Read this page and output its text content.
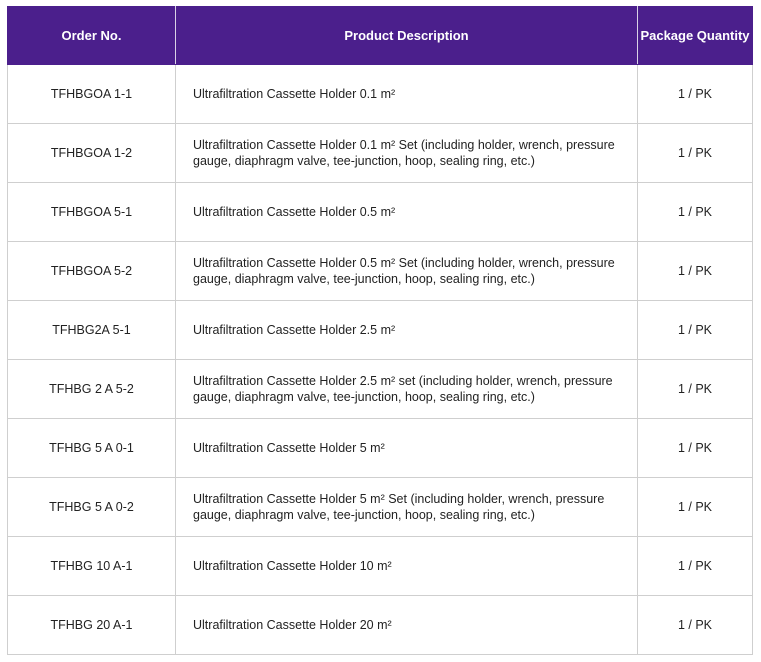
Order No.	Product Description	Package Quantity
TFHBGOA 1-1	Ultrafiltration Cassette Holder 0.1 m²	1 / PK
TFHBGOA 1-2	Ultrafiltration Cassette Holder 0.1 m² Set (including holder, wrench, pressure gauge, diaphragm valve, tee-junction, hoop, sealing ring, etc.)	1 / PK
TFHBGOA 5-1	Ultrafiltration Cassette Holder 0.5 m²	1 / PK
TFHBGOA 5-2	Ultrafiltration Cassette Holder 0.5 m² Set (including holder, wrench, pressure gauge, diaphragm valve, tee-junction, hoop, sealing ring, etc.)	1 / PK
TFHBG2A 5-1	Ultrafiltration Cassette Holder 2.5 m²	1 / PK
TFHBG 2 A 5-2	Ultrafiltration Cassette Holder 2.5 m² set (including holder, wrench, pressure gauge, diaphragm valve, tee-junction, hoop, sealing ring, etc.)	1 / PK
TFHBG 5 A 0-1	Ultrafiltration Cassette Holder 5 m²	1 / PK
TFHBG 5 A 0-2	Ultrafiltration Cassette Holder 5 m² Set (including holder, wrench, pressure gauge, diaphragm valve, tee-junction, hoop, sealing ring, etc.)	1 / PK
TFHBG 10 A-1	Ultrafiltration Cassette Holder 10 m²	1 / PK
TFHBG 20 A-1	Ultrafiltration Cassette Holder 20 m²	1 / PK
